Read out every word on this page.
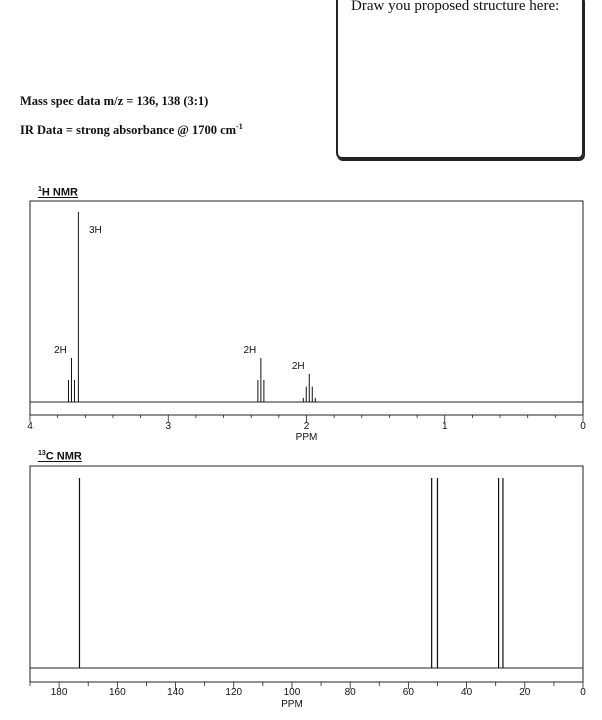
Draw you proposed structure here:
Mass spec data m/z = 136, 138 (3:1)
IR Data = strong absorbance @ 1700 $cm^{-1}$
$^1$H NMR
$^{13}$C NMR
4	3	2	1	0
PPM
2H
3H
2H
2H
180	160	140	120	100	80	60	40	20	0
PPM
